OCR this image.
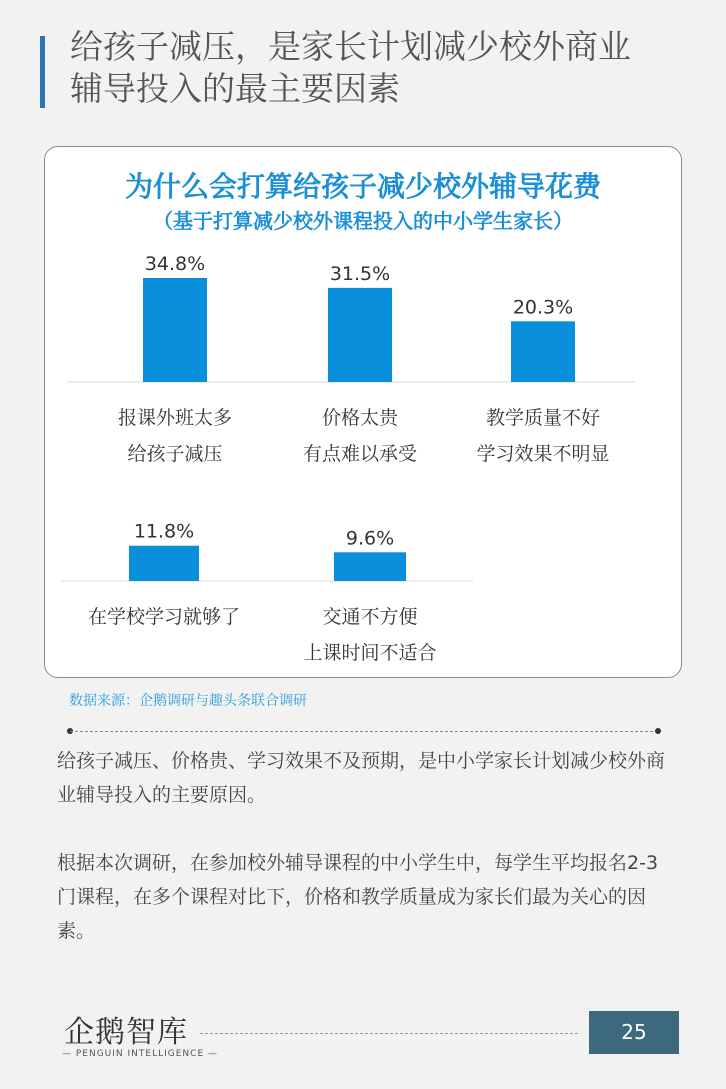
给孩子减压，是家长计划减少校外商业
辅导投入的最主要因素
为什么会打算给孩子减少校外辅导花费
（基于打算减少校外课程投入的中小学生家长）
34.8%
报课外班太多
给孩子减压
31.5%
价格太贵
有点难以承受
20.3%
教学质量不好
学习效果不明显
11.8%
在学校学习就够了
9.6%
交通不方便
上课时间不适合
数据来源：企鹅调研与趣头条联合调研

给孩子减压、价格贵、学习效果不及预期，是中小学家长计划减少校外商业辅导投入的主要原因。

根据本次调研，在参加校外辅导课程的中小学生中，每学生平均报名2-3门课程，在多个课程对比下，价格和教学质量成为家长们最为关心的因素。

企鹅智库
— PENGUIN INTELLIGENCE —
25
